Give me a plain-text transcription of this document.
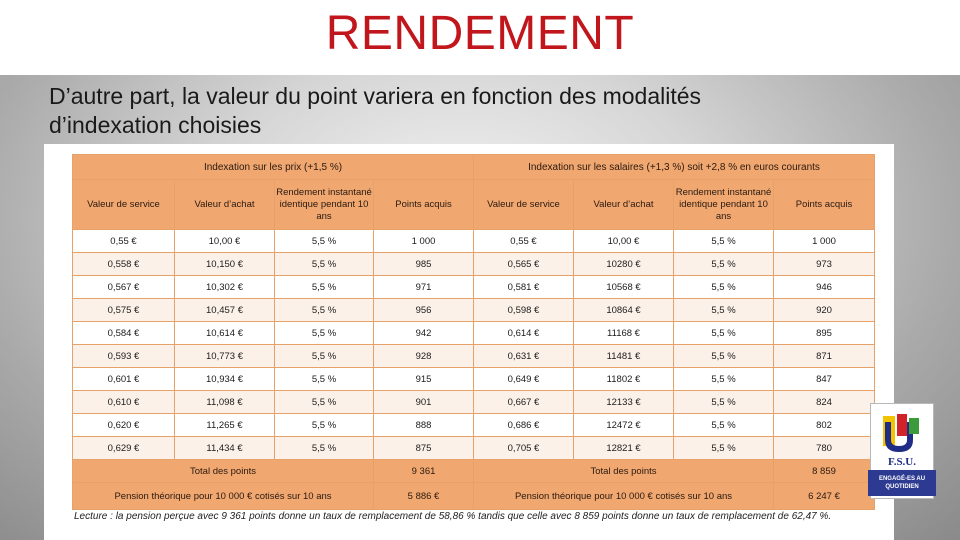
RENDEMENT
D’autre part, la valeur du point variera en fonction des modalités d’indexation choisies
Indexation sur les prix (+1,5 %)				Indexation sur les salaires (+1,3 %) soit +2,8 % en euros courants			
Valeur de service	Valeur d’achat	Rendement instantané identique pendant 10 ans	Points acquis	Valeur de service	Valeur d’achat	Rendement instantané identique pendant 10 ans	Points acquis
0,55 €	10,00 €	5,5 %	1 000	0,55 €	10,00 €	5,5 %	1 000
0,558 €	10,150 €	5,5 %	985	0,565 €	10280 €	5,5 %	973
0,567 €	10,302 €	5,5 %	971	0,581 €	10568 €	5,5 %	946
0,575 €	10,457 €	5,5 %	956	0,598 €	10864 €	5,5 %	920
0,584 €	10,614 €	5,5 %	942	0,614 €	11168 €	5,5 %	895
0,593 €	10,773 €	5,5 %	928	0,631 €	11481 €	5,5 %	871
0,601 €	10,934 €	5,5 %	915	0,649 €	11802 €	5,5 %	847
0,610 €	11,098 €	5,5 %	901	0,667 €	12133 €	5,5 %	824
0,620 €	11,265 €	5,5 %	888	0,686 €	12472 €	5,5 %	802
0,629 €	11,434 €	5,5 %	875	0,705 €	12821 €	5,5 %	780
Total des points			9 361	Total des points			8 859
Pension théorique pour 10 000 € cotisés sur 10 ans			5 886 €	Pension théorique pour 10 000 € cotisés sur 10 ans			6 247 €
Lecture : la pension perçue avec 9 361 points donne un taux de remplacement de 58,86 % tandis que celle avec 8 859 points donne un taux de remplacement de 62,47 %.
F.S.U.
ENGAGÉ-ES AU QUOTIDIEN
